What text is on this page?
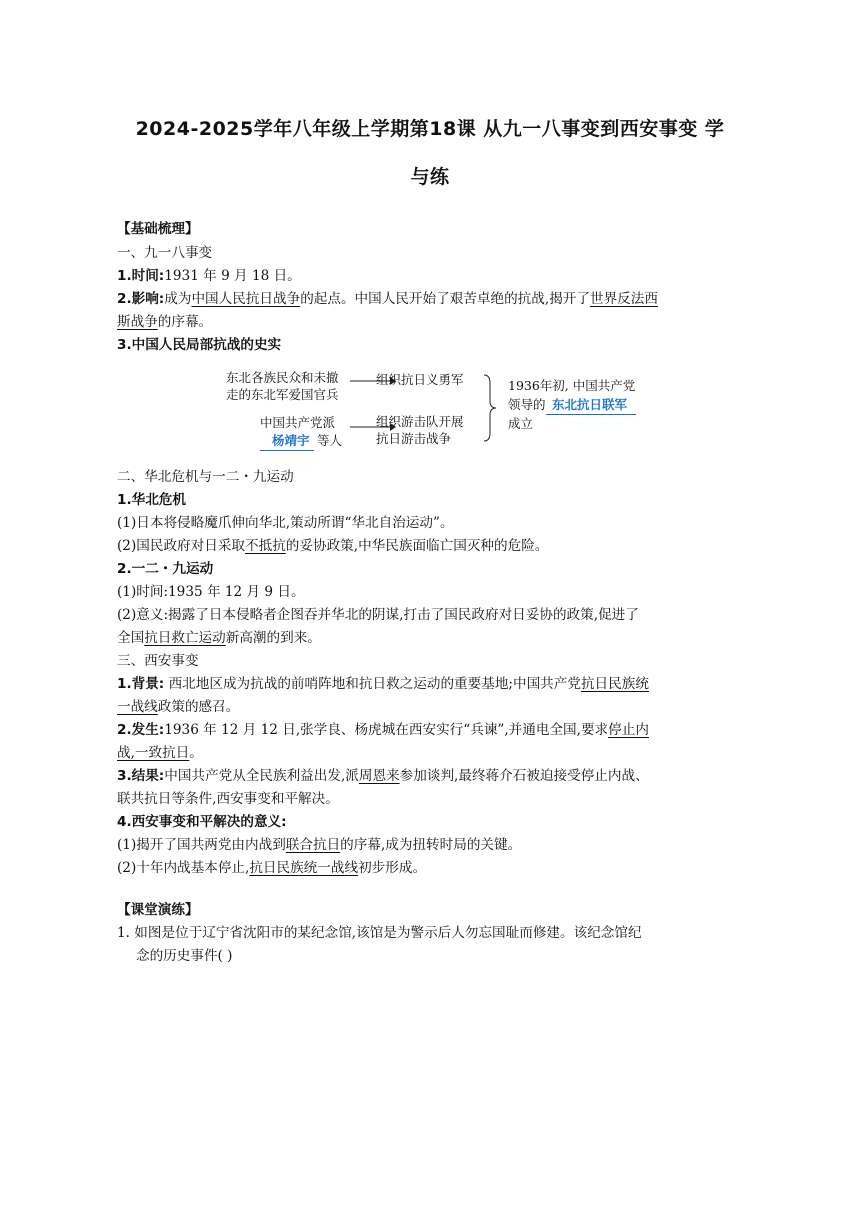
2024-2025学年八年级上学期第18课 从九一八事变到西安事变 学
与练
【基础梳理】
一、九一八事变
1.时间:1931 年 9 月 18 日。
2.影响:成为中国人民抗日战争的起点。中国人民开始了艰苦卓绝的抗战,揭开了世界反法西
斯战争的序幕。
3.中国人民局部抗战的史实
东北各族民众和未撤
走的东北军爱国官兵
组织抗日义勇军
中国共产党派
杨靖宇 等人
组织游击队开展
抗日游击战争
1936年初, 中国共产党
领导的 东北抗日联军
成立
二、华北危机与一二・九运动
1.华北危机
(1)日本将侵略魔爪伸向华北,策动所谓“华北自治运动”。
(2)国民政府对日采取不抵抗的妥协政策,中华民族面临亡国灭种的危险。
2.一二・九运动
(1)时间:1935 年 12 月 9 日。
(2)意义:揭露了日本侵略者企图吞并华北的阴谋,打击了国民政府对日妥协的政策,促进了
全国抗日救亡运动新高潮的到来。
三、西安事变
1.背景: 西北地区成为抗战的前哨阵地和抗日救之运动的重要基地;中国共产党抗日民族统
一战线政策的感召。
2.发生:1936 年 12 月 12 日,张学良、杨虎城在西安实行“兵谏”,并通电全国,要求停止内
战,一致抗日。
3.结果:中国共产党从全民族利益出发,派周恩来参加谈判,最终蒋介石被迫接受停止内战、
联共抗日等条件,西安事变和平解决。
4.西安事变和平解决的意义:
(1)揭开了国共两党由内战到联合抗日的序幕,成为扭转时局的关键。
(2)十年内战基本停止,抗日民族统一战线初步形成。
【课堂演练】
1. 如图是位于辽宁省沈阳市的某纪念馆,该馆是为警示后人勿忘国耻而修建。该纪念馆纪
念的历史事件( )
